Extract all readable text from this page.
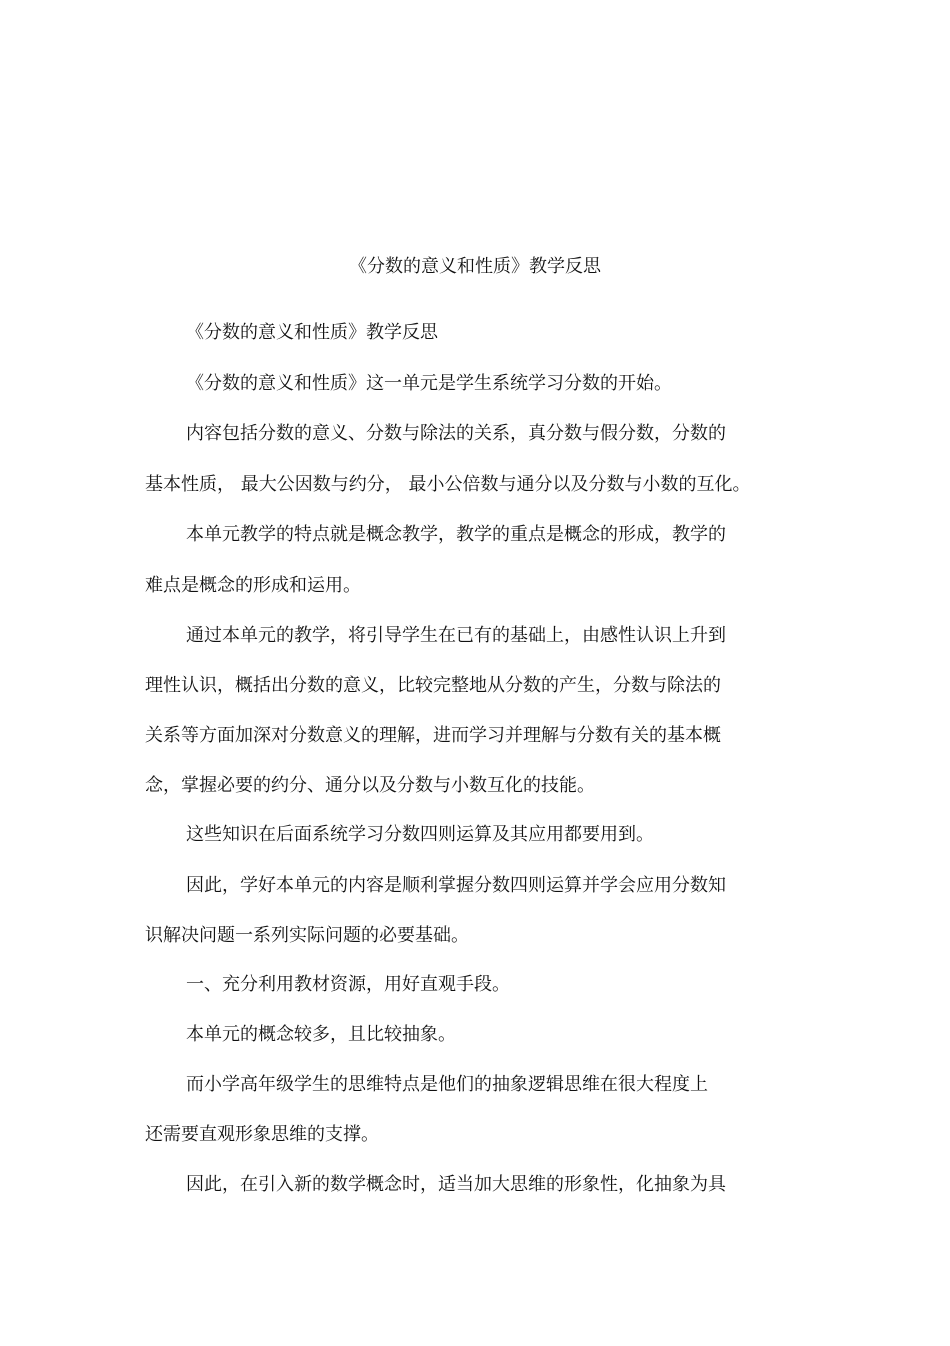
《分数的意义和性质》教学反思
《分数的意义和性质》教学反思
《分数的意义和性质》这一单元是学生系统学习分数的开始。
内容包括分数的意义、分数与除法的关系，真分数与假分数，分数的
基本性质， 最大公因数与约分， 最小公倍数与通分以及分数与小数的互化。
本单元教学的特点就是概念教学，教学的重点是概念的形成，教学的
难点是概念的形成和运用。
通过本单元的教学，将引导学生在已有的基础上，由感性认识上升到
理性认识，概括出分数的意义，比较完整地从分数的产生，分数与除法的
关系等方面加深对分数意义的理解，进而学习并理解与分数有关的基本概
念，掌握必要的约分、通分以及分数与小数互化的技能。
这些知识在后面系统学习分数四则运算及其应用都要用到。
因此，学好本单元的内容是顺利掌握分数四则运算并学会应用分数知
识解决问题一系列实际问题的必要基础。
一、充分利用教材资源，用好直观手段。
本单元的概念较多，且比较抽象。
而小学高年级学生的思维特点是他们的抽象逻辑思维在很大程度上
还需要直观形象思维的支撑。
因此，在引入新的数学概念时，适当加大思维的形象性，化抽象为具
